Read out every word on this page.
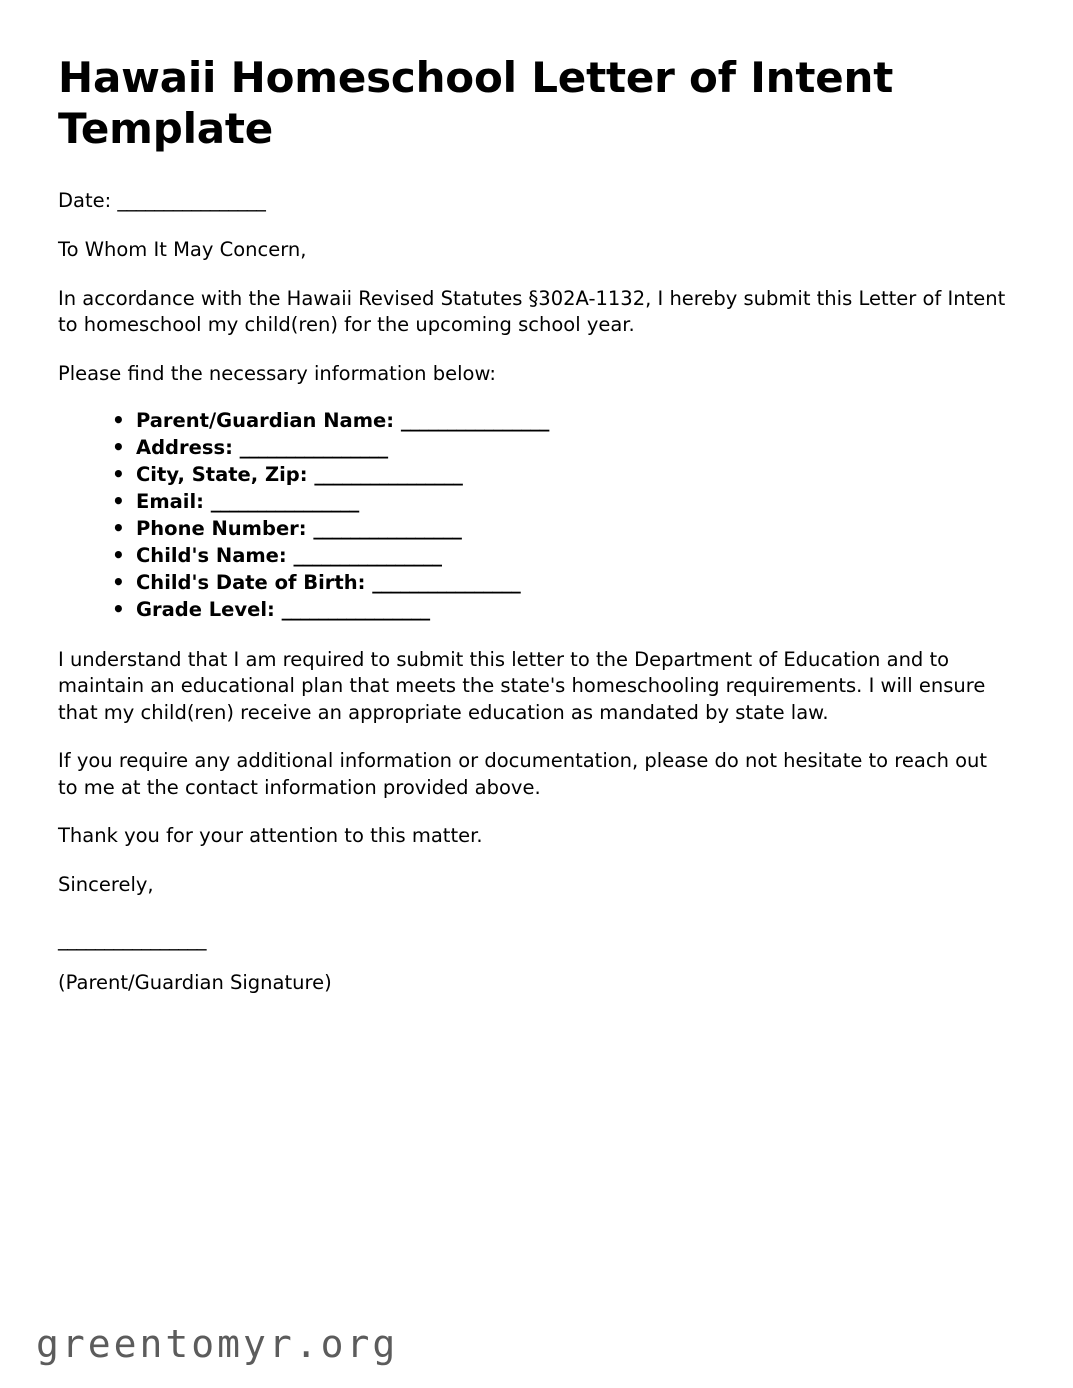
Hawaii Homeschool Letter of Intent Template

Date: ________________

To Whom It May Concern,

In accordance with the Hawaii Revised Statutes §302A-1132, I hereby submit this Letter of Intent to homeschool my child(ren) for the upcoming school year.

Please find the necessary information below:

• Parent/Guardian Name: ________________
• Address: ________________
• City, State, Zip: ________________
• Email: ________________
• Phone Number: ________________
• Child's Name: ________________
• Child's Date of Birth: ________________
• Grade Level: ________________

I understand that I am required to submit this letter to the Department of Education and to maintain an educational plan that meets the state's homeschooling requirements. I will ensure that my child(ren) receive an appropriate education as mandated by state law.

If you require any additional information or documentation, please do not hesitate to reach out to me at the contact information provided above.

Thank you for your attention to this matter.

Sincerely,

________________

(Parent/Guardian Signature)

greentomyr.org
